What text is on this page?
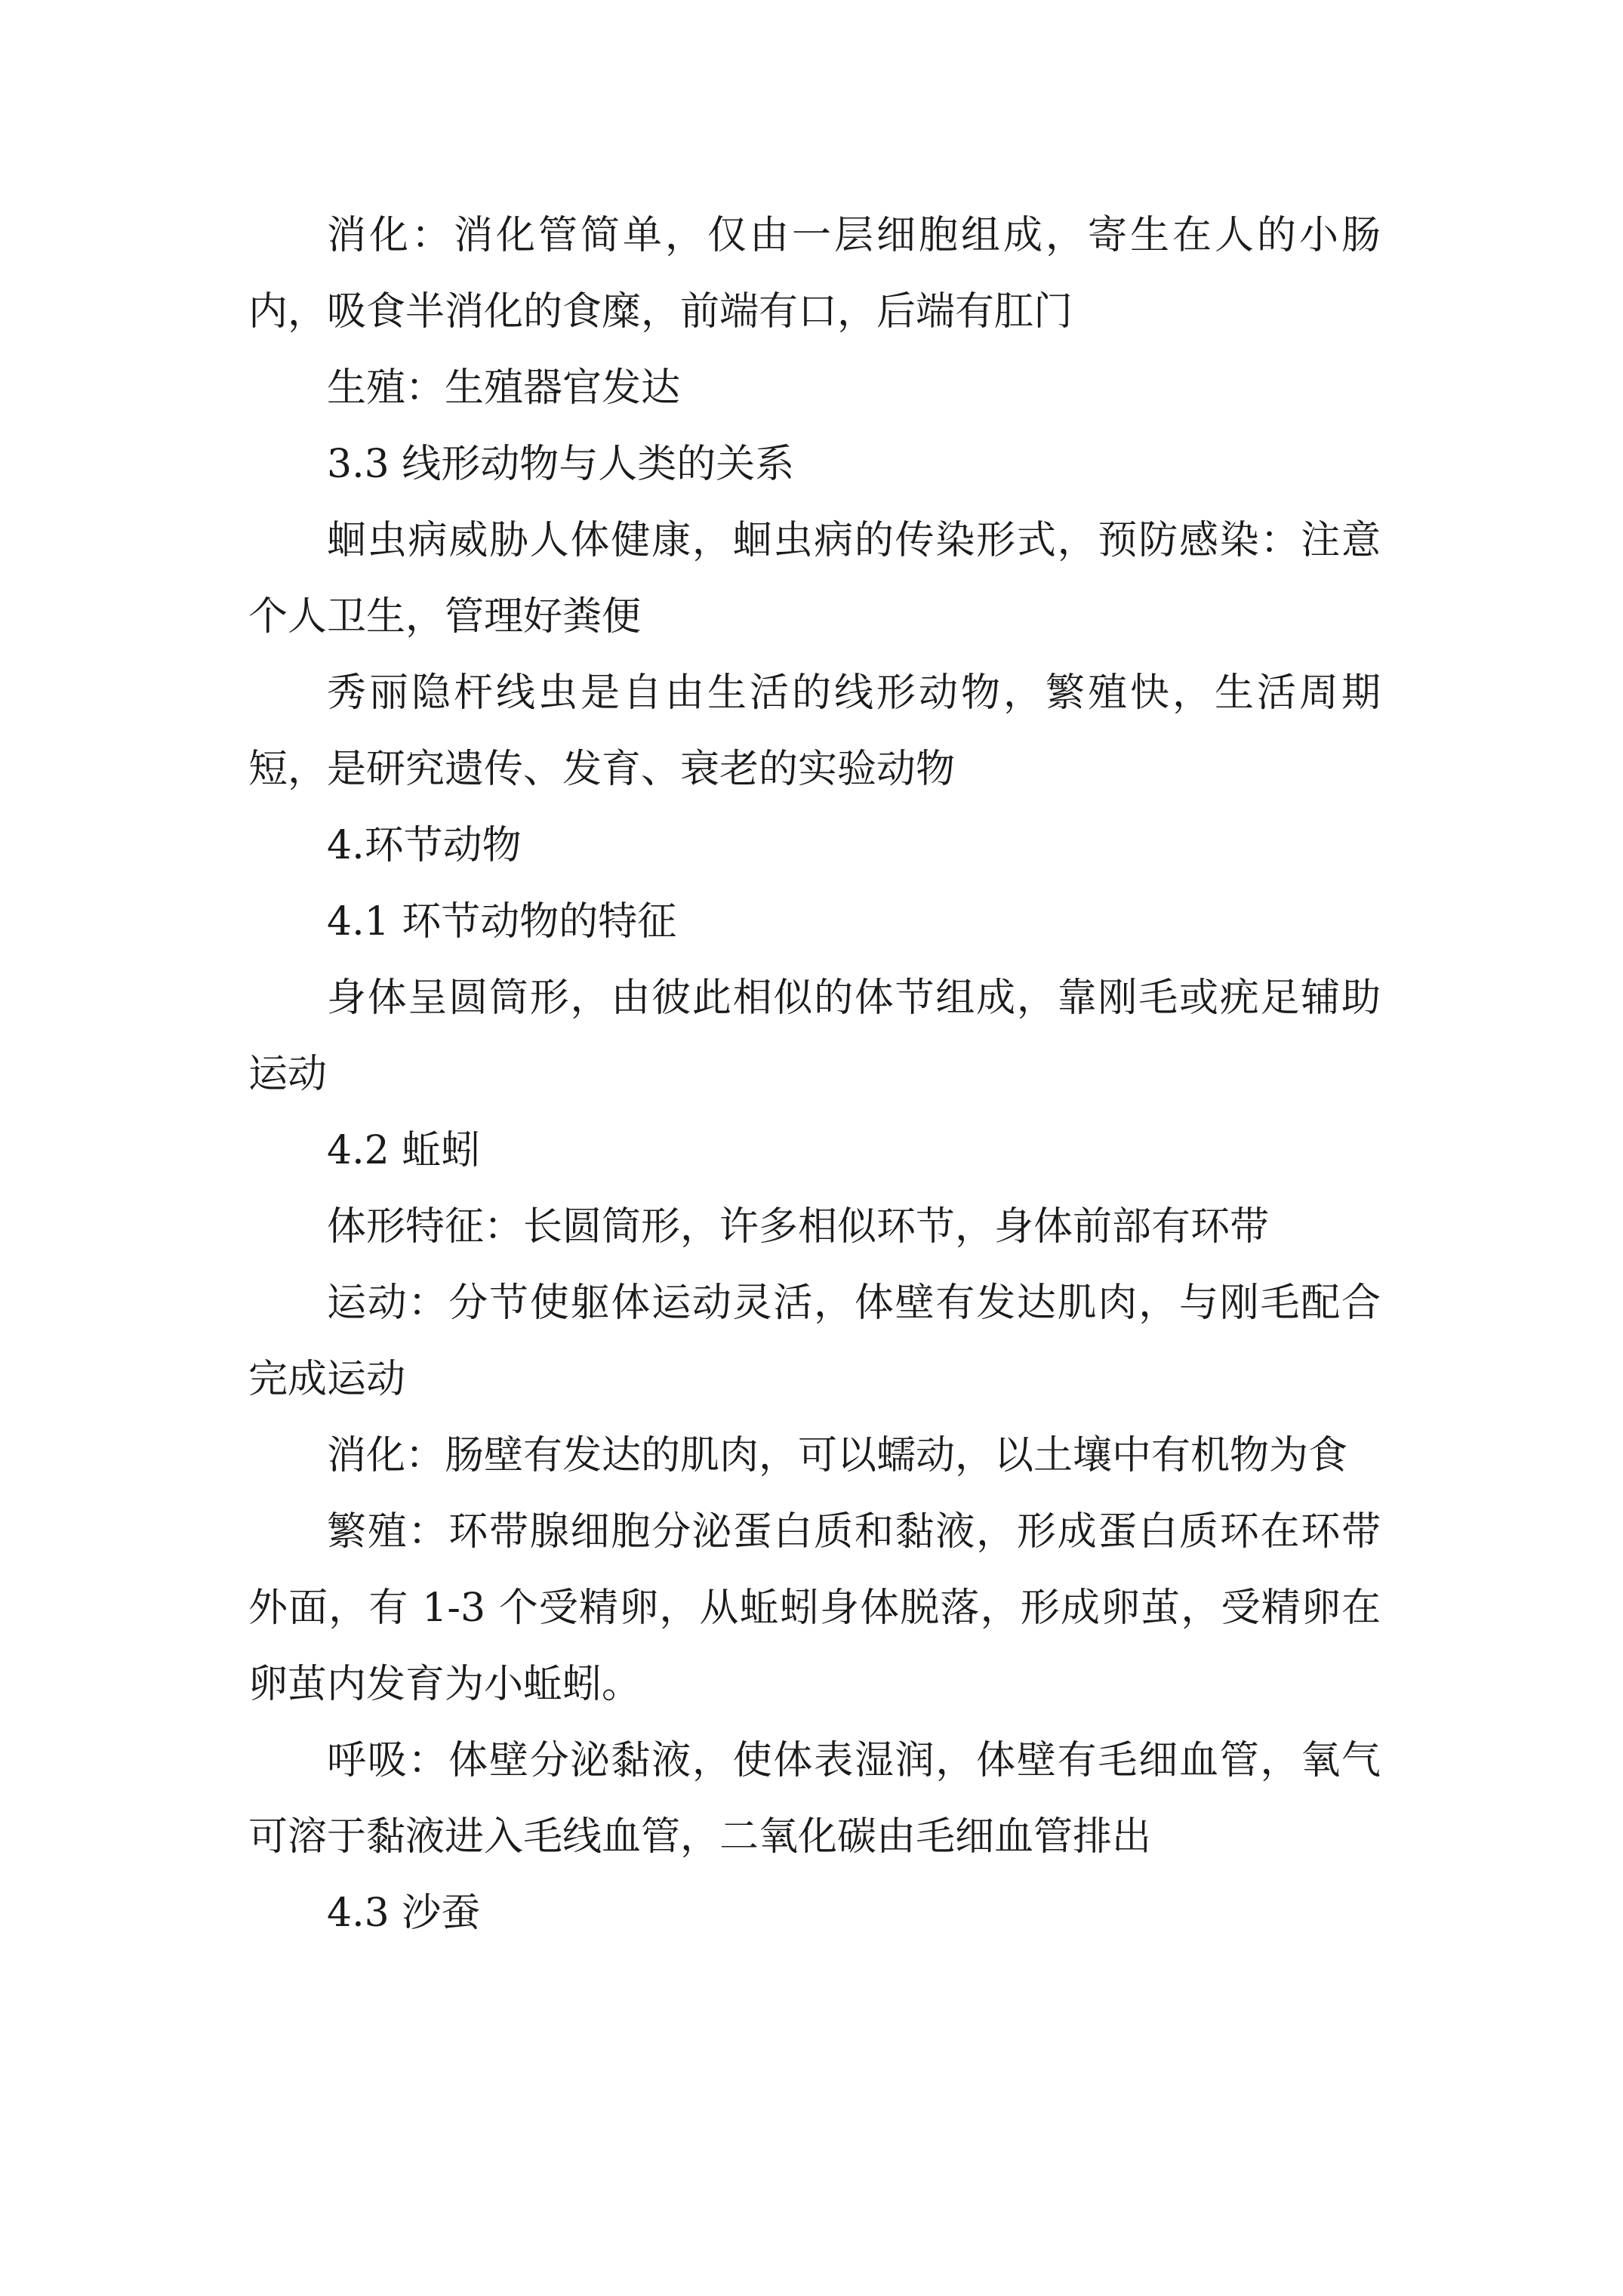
消化：消化管简单，仅由一层细胞组成，寄生在人的小肠内，吸食半消化的食糜，前端有口，后端有肛门

生殖：生殖器官发达

3.3 线形动物与人类的关系

蛔虫病威胁人体健康，蛔虫病的传染形式，预防感染：注意个人卫生，管理好粪便

秀丽隐杆线虫是自由生活的线形动物，繁殖快，生活周期短，是研究遗传、发育、衰老的实验动物

4.环节动物

4.1 环节动物的特征

身体呈圆筒形，由彼此相似的体节组成，靠刚毛或疣足辅助运动

4.2 蚯蚓

体形特征：长圆筒形，许多相似环节，身体前部有环带

运动：分节使躯体运动灵活，体壁有发达肌肉，与刚毛配合完成运动

消化：肠壁有发达的肌肉，可以蠕动，以土壤中有机物为食

繁殖：环带腺细胞分泌蛋白质和黏液，形成蛋白质环在环带外面，有 1-3 个受精卵，从蚯蚓身体脱落，形成卵茧，受精卵在卵茧内发育为小蚯蚓。

呼吸：体壁分泌黏液，使体表湿润，体壁有毛细血管，氧气可溶于黏液进入毛线血管，二氧化碳由毛细血管排出

4.3 沙蚕
